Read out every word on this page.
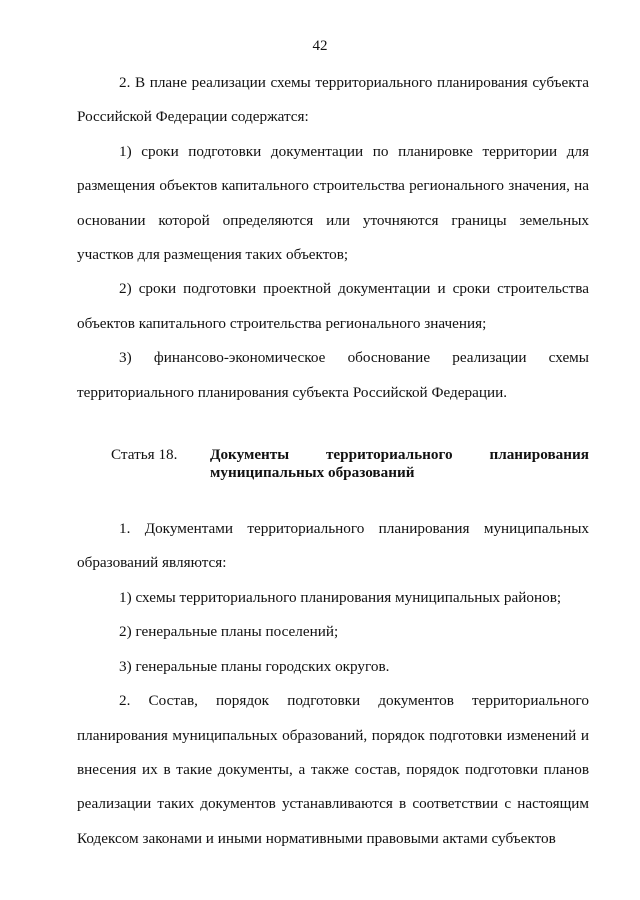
42

2. В плане реализации схемы территориального планирования субъекта Российской Федерации содержатся:

1) сроки подготовки документации по планировке территории для размещения объектов капитального строительства регионального значения, на основании которой определяются или уточняются границы земельных участков для размещения таких объектов;

2) сроки подготовки проектной документации и сроки строительства объектов капитального строительства регионального значения;

3) финансово-экономическое обоснование реализации схемы территориального планирования субъекта Российской Федерации.

Статья 18.	Документы территориального планирования муниципальных образований

1. Документами территориального планирования муниципальных образований являются:

1) схемы территориального планирования муниципальных районов;

2) генеральные планы поселений;

3) генеральные планы городских округов.

2. Состав, порядок подготовки документов территориального планирования муниципальных образований, порядок подготовки изменений и внесения их в такие документы, а также состав, порядок подготовки планов реализации таких документов устанавливаются в соответствии с настоящим Кодексом законами и иными нормативными правовыми актами субъектов
